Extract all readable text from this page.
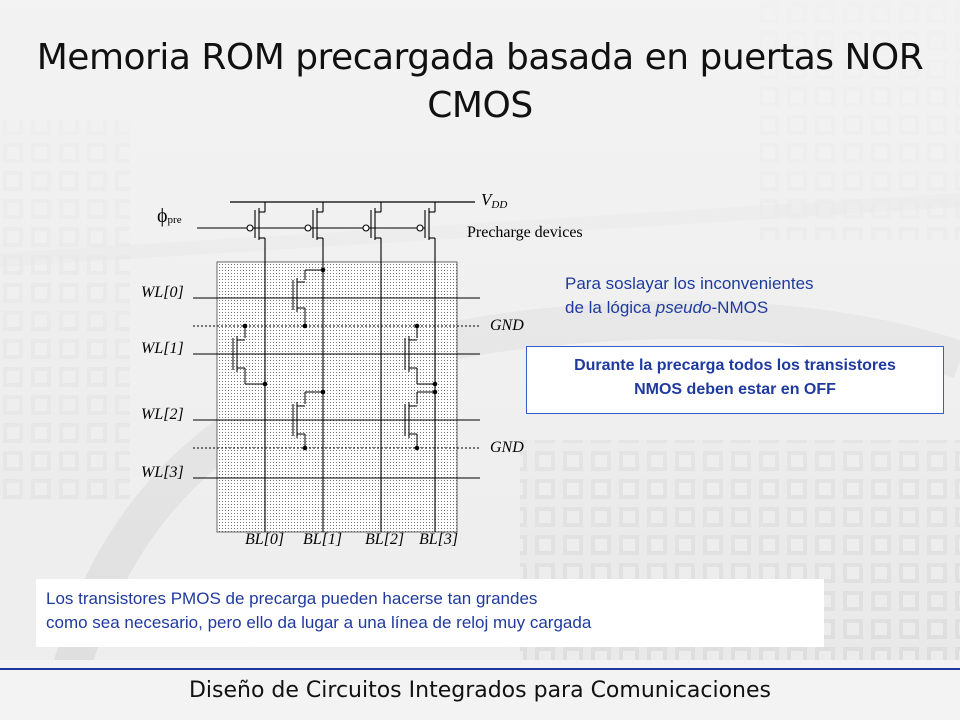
Memoria ROM precargada basada en puertas NOR CMOS
ϕpre
VDD
Precharge devices
GND
GND
WL[0]
WL[1]
WL[2]
WL[3]
BL[0] BL[1] BL[2] BL[3]
Para soslayar los inconvenientes
de la lógica pseudo-NMOS
Durante la precarga todos los transistores
NMOS deben estar en OFF
Los transistores PMOS de precarga pueden hacerse tan grandes
como sea necesario, pero ello da lugar a una línea de reloj muy cargada
Diseño de Circuitos Integrados para Comunicaciones
